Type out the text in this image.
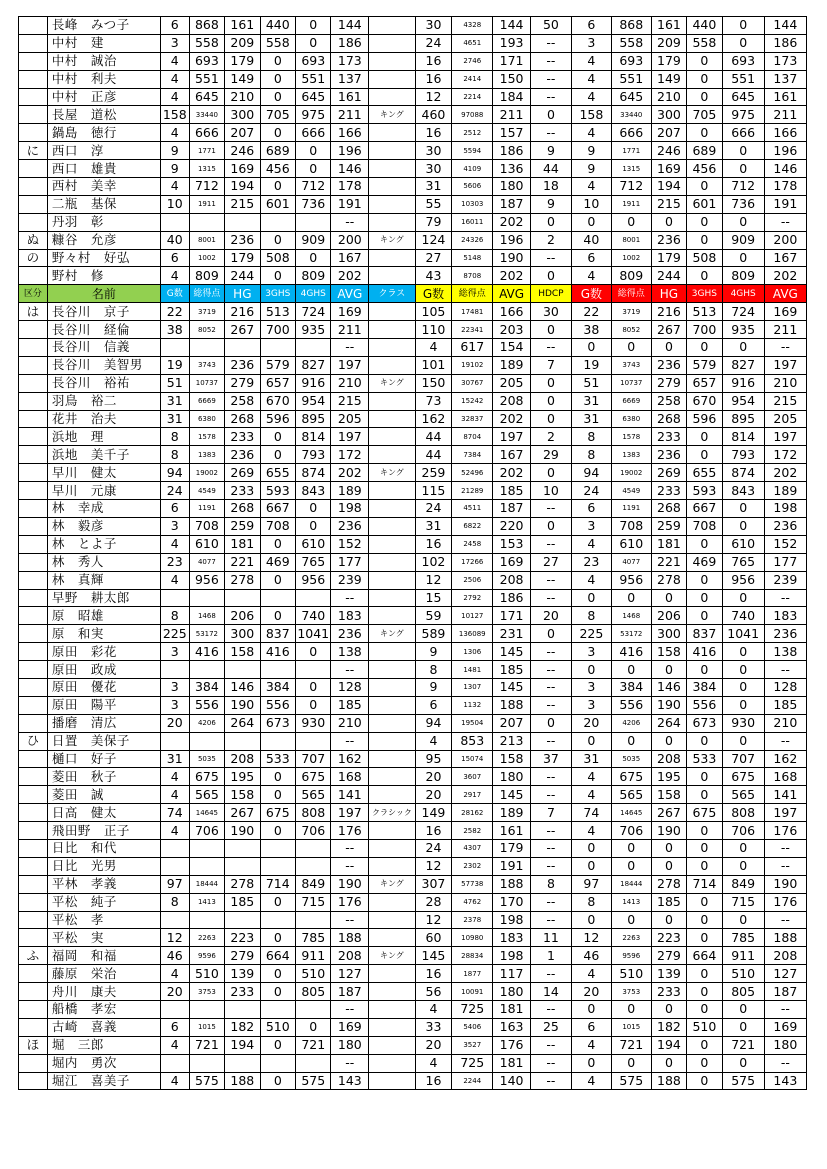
	長峰　みつ子	6	868	161	440	0	144		30	4328	144	50	6	868	161	440	0	144
	中村　建	3	558	209	558	0	186		24	4651	193	--	3	558	209	558	0	186
	中村　誠治	4	693	179	0	693	173		16	2746	171	--	4	693	179	0	693	173
	中村　利夫	4	551	149	0	551	137		16	2414	150	--	4	551	149	0	551	137
	中村　正彦	4	645	210	0	645	161		12	2214	184	--	4	645	210	0	645	161
	長屋　道松	158	33440	300	705	975	211	キング	460	97088	211	0	158	33440	300	705	975	211
	鍋島　徳行	4	666	207	0	666	166		16	2512	157	--	4	666	207	0	666	166
に	西口　淳	9	1771	246	689	0	196		30	5594	186	9	9	1771	246	689	0	196
	西口　雄貴	9	1315	169	456	0	146		30	4109	136	44	9	1315	169	456	0	146
	西村　美幸	4	712	194	0	712	178		31	5606	180	18	4	712	194	0	712	178
	二瓶　基保	10	1911	215	601	736	191		55	10303	187	9	10	1911	215	601	736	191
	丹羽　彰						--		79	16011	202	0	0	0	0	0	0	--
ぬ	糠谷　允彦	40	8001	236	0	909	200	キング	124	24326	196	2	40	8001	236	0	909	200
の	野々村　好弘	6	1002	179	508	0	167		27	5148	190	--	6	1002	179	508	0	167
	野村　修	4	809	244	0	809	202		43	8708	202	0	4	809	244	0	809	202
区分	名前	G数	総得点	HG	3GHS	4GHS	AVG	クラス	G数	総得点	AVG	HDCP	G数	総得点	HG	3GHS	4GHS	AVG
は	長谷川　京子	22	3719	216	513	724	169		105	17481	166	30	22	3719	216	513	724	169
	長谷川　経倫	38	8052	267	700	935	211		110	22341	203	0	38	8052	267	700	935	211
	長谷川　信義						--		4	617	154	--	0	0	0	0	0	--
	長谷川　美智男	19	3743	236	579	827	197		101	19102	189	7	19	3743	236	579	827	197
	長谷川　裕祐	51	10737	279	657	916	210	キング	150	30767	205	0	51	10737	279	657	916	210
	羽鳥　裕二	31	6669	258	670	954	215		73	15242	208	0	31	6669	258	670	954	215
	花井　治夫	31	6380	268	596	895	205		162	32837	202	0	31	6380	268	596	895	205
	浜地　理	8	1578	233	0	814	197		44	8704	197	2	8	1578	233	0	814	197
	浜地　美千子	8	1383	236	0	793	172		44	7384	167	29	8	1383	236	0	793	172
	早川　健太	94	19002	269	655	874	202	キング	259	52496	202	0	94	19002	269	655	874	202
	早川　元康	24	4549	233	593	843	189		115	21289	185	10	24	4549	233	593	843	189
	林　幸成	6	1191	268	667	0	198		24	4511	187	--	6	1191	268	667	0	198
	林　毅彦	3	708	259	708	0	236		31	6822	220	0	3	708	259	708	0	236
	林　とよ子	4	610	181	0	610	152		16	2458	153	--	4	610	181	0	610	152
	林　秀人	23	4077	221	469	765	177		102	17266	169	27	23	4077	221	469	765	177
	林　真輝	4	956	278	0	956	239		12	2506	208	--	4	956	278	0	956	239
	早野　耕太郎						--		15	2792	186	--	0	0	0	0	0	--
	原　昭雄	8	1468	206	0	740	183		59	10127	171	20	8	1468	206	0	740	183
	原　和実	225	53172	300	837	1041	236	キング	589	136089	231	0	225	53172	300	837	1041	236
	原田　彩花	3	416	158	416	0	138		9	1306	145	--	3	416	158	416	0	138
	原田　政成						--		8	1481	185	--	0	0	0	0	0	--
	原田　優花	3	384	146	384	0	128		9	1307	145	--	3	384	146	384	0	128
	原田　陽平	3	556	190	556	0	185		6	1132	188	--	3	556	190	556	0	185
	播磨　清広	20	4206	264	673	930	210		94	19504	207	0	20	4206	264	673	930	210
ひ	日置　美保子						--		4	853	213	--	0	0	0	0	0	--
	樋口　好子	31	5035	208	533	707	162		95	15074	158	37	31	5035	208	533	707	162
	菱田　秋子	4	675	195	0	675	168		20	3607	180	--	4	675	195	0	675	168
	菱田　誠	4	565	158	0	565	141		20	2917	145	--	4	565	158	0	565	141
	日高　健太	74	14645	267	675	808	197	クラシック	149	28162	189	7	74	14645	267	675	808	197
	飛田野　正子	4	706	190	0	706	176		16	2582	161	--	4	706	190	0	706	176
	日比　和代						--		24	4307	179	--	0	0	0	0	0	--
	日比　光男						--		12	2302	191	--	0	0	0	0	0	--
	平林　孝義	97	18444	278	714	849	190	キング	307	57738	188	8	97	18444	278	714	849	190
	平松　純子	8	1413	185	0	715	176		28	4762	170	--	8	1413	185	0	715	176
	平松　孝						--		12	2378	198	--	0	0	0	0	0	--
	平松　実	12	2263	223	0	785	188		60	10980	183	11	12	2263	223	0	785	188
ふ	福岡　和福	46	9596	279	664	911	208	キング	145	28834	198	1	46	9596	279	664	911	208
	藤原　栄治	4	510	139	0	510	127		16	1877	117	--	4	510	139	0	510	127
	舟川　康夫	20	3753	233	0	805	187		56	10091	180	14	20	3753	233	0	805	187
	船橋　孝宏						--		4	725	181	--	0	0	0	0	0	--
	古崎　喜義	6	1015	182	510	0	169		33	5406	163	25	6	1015	182	510	0	169
ほ	堀　三郎	4	721	194	0	721	180		20	3527	176	--	4	721	194	0	721	180
	堀内　勇次						--		4	725	181	--	0	0	0	0	0	--
	堀江　喜美子	4	575	188	0	575	143		16	2244	140	--	4	575	188	0	575	143
